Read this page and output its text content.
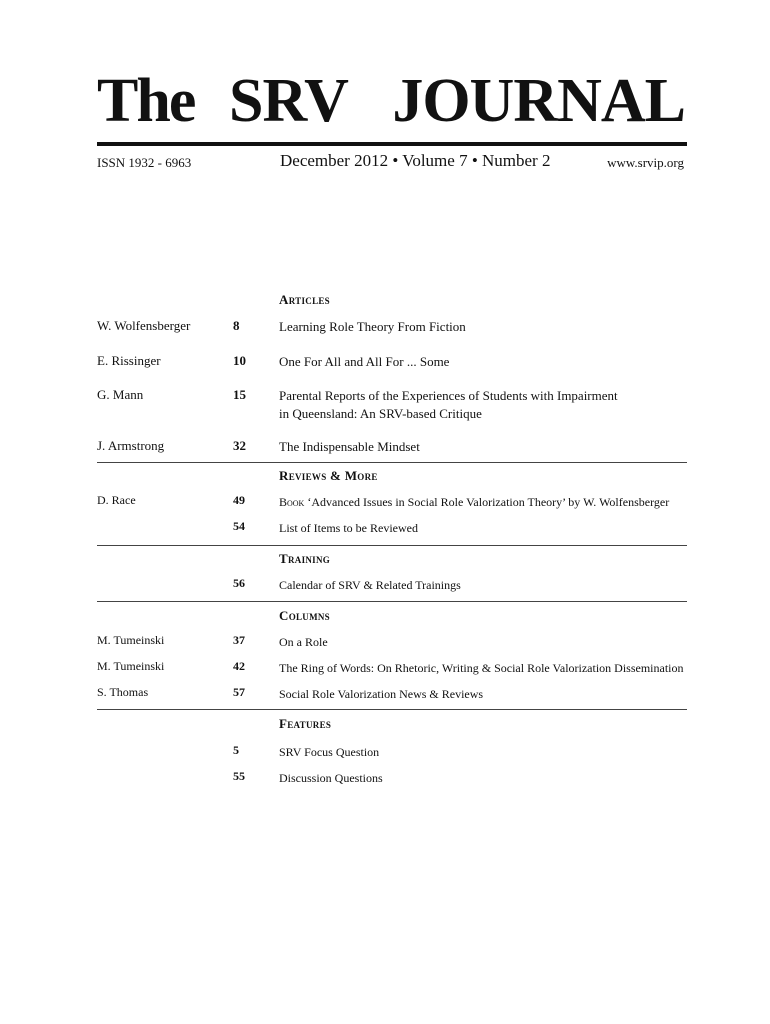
The SRV JOURNAL
ISSN 1932 - 6963	December 2012 • Volume 7 • Number 2	www.srvip.org
Articles
W. Wolfensberger	8	Learning Role Theory From Fiction
E. Rissinger	10	One For All and All For ... Some
G. Mann	15	Parental Reports of the Experiences of Students with Impairment
in Queensland: An SRV-based Critique
J. Armstrong	32	The Indispensable Mindset
Reviews & More
D. Race	49	Book ‘Advanced Issues in Social Role Valorization Theory’ by W. Wolfensberger
54	List of Items to be Reviewed
Training
56	Calendar of SRV & Related Trainings
Columns
M. Tumeinski	37	On a Role
M. Tumeinski	42	The Ring of Words: On Rhetoric, Writing & Social Role Valorization Dissemination
S. Thomas	57	Social Role Valorization News & Reviews
Features
5	SRV Focus Question
55	Discussion Questions
